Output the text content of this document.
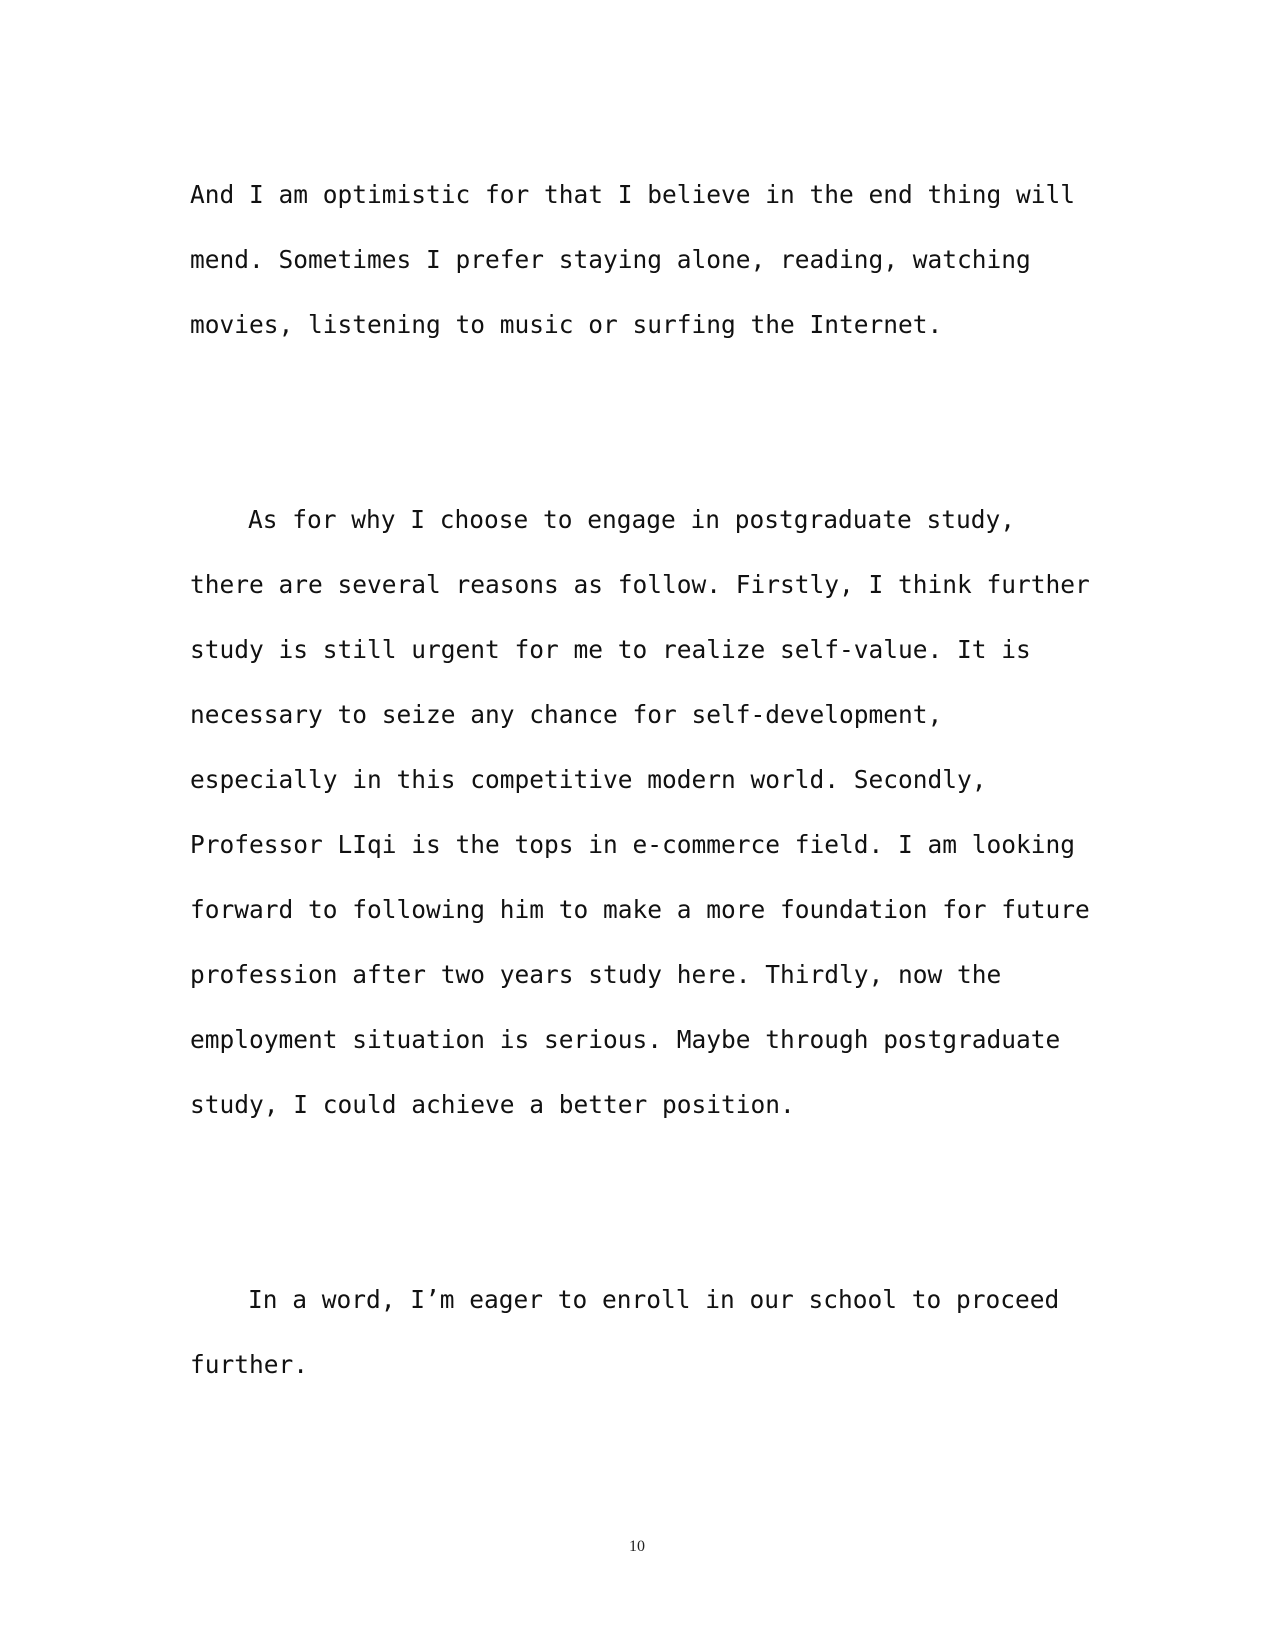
And I am optimistic for that I believe in the end thing will
mend. Sometimes I prefer staying alone, reading, watching
movies, listening to music or surfing the Internet.

As for why I choose to engage in postgraduate study,
there are several reasons as follow. Firstly, I think further
study is still urgent for me to realize self-value. It is
necessary to seize any chance for self-development,
especially in this competitive modern world. Secondly,
Professor LIqi is the tops in e-commerce field. I am looking
forward to following him to make a more foundation for future
profession after two years study here. Thirdly, now the
employment situation is serious. Maybe through postgraduate
study, I could achieve a better position.

In a word, I’m eager to enroll in our school to proceed
further.

10
